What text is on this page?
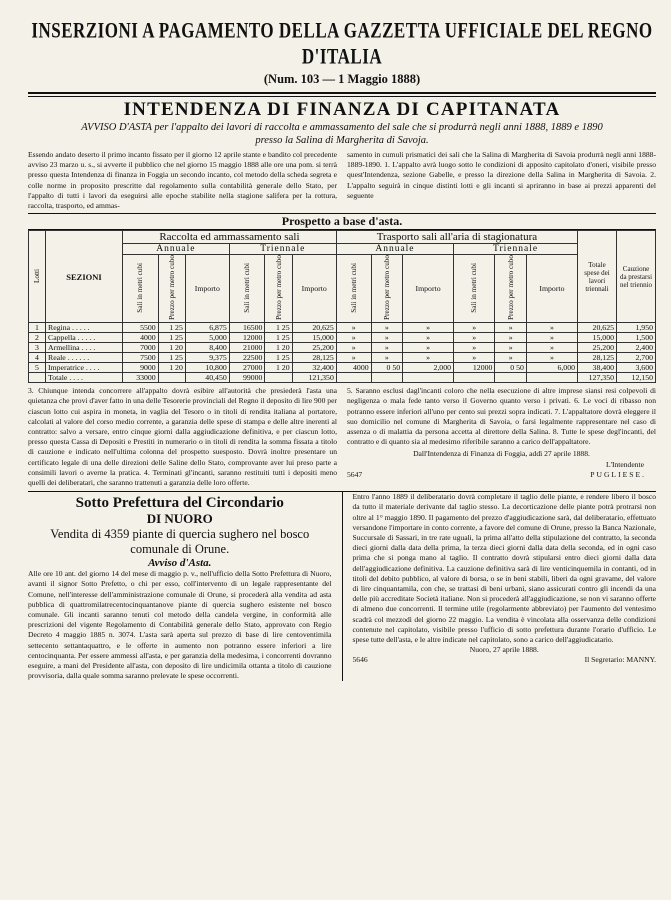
INSERZIONI A PAGAMENTO DELLA GAZZETTA UFFICIALE DEL REGNO D'ITALIA
(Num. 103 — 1 Maggio 1888)
INTENDENZA DI FINANZA DI CAPITANATA
AVVISO D'ASTA per l'appalto dei lavori di raccolta e ammassamento del sale che si produrrà negli anni 1888, 1889 e 1890
presso la Salina di Margherita di Savoja.
Essendo andato deserto il primo incanto fissato per il giorno 12 aprile stante e bandito col precedente avviso 23 marzo u. s., si avverte il pubblico che nel giorno 15 maggio 1888 alle ore una pom. si terrà presso questa Intendenza di finanza in Foggia un secondo incanto, col metodo della scheda segreta e colle norme in proposito prescritte dal regolamento sulla contabilità generale dello Stato, per l'appalto di tutti i lavori da eseguirsi alle epoche stabilite nella stagione salifera per la rottura, raccolta, trasporto, ed ammas-
samento in cumuli prismatici dei sali che la Salina di Margherita di Savoia produrrà negli anni 1888-1889-1890. 1. L'appalto avrà luogo sotto le condizioni di apposito capitolato d'oneri, visibile presso quest'Intendenza, sezione Gabelle, e presso la direzione della Salina in Margherita di Savoia. 2. L'appalto seguirà in cinque distinti lotti e gli incanti si apriranno in base ai prezzi apparenti del seguente
Prospetto a base d'asta.
Lotti	SEZIONI	Raccolta ed ammassamento sali						Trasporto sali all'aria di stagionatura						Totale spese dei lavori triennali	Cauzione da prestarsi nel triennio
		Annuale			Triennale			Annuale			Triennale				
		Sali in metri cubi	Prezzo per metro cubo	Importo	Sali in metri cubi	Prezzo per metro cubo	Importo	Sali in metri cubi	Prezzo per metro cubo	Importo	Sali in metri cubi	Prezzo per metro cubo	Importo		
1	Regina . . . . .	5500	1 25	6,875	16500	1 25	20,625	»	»	»	»	»	»	20,625	1,950
2	Cappella . . . . .	4000	1 25	5,000	12000	1 25	15,000	»	»	»	»	»	»	15,000	1,500
3	Armellina . . . .	7000	1 20	8,400	21000	1 20	25,200	»	»	»	»	»	»	25,200	2,400
4	Reale . . . . . .	7500	1 25	9,375	22500	1 25	28,125	»	»	»	»	»	»	28,125	2,700
5	Imperatrice . . . .	9000	1 20	10,800	27000	1 20	32,400	4000	0 50	2,000	12000	0 50	6,000	38,400	3,600
	Totale . . . .	33000		40,450	99000		121,350							127,350	12,150
3. Chiunque intenda concorrere all'appalto dovrà esibire all'autorità che presiederà l'asta una quietanza che provi d'aver fatto in una delle Tesorerie provinciali del Regno il deposito di lire 900 per ciascun lotto cui aspira in moneta, in vaglia del Tesoro o in titoli di rendita italiana al portatore, calcolati al valore del corso medio corrente, a garanzia delle spese di stampa e delle altre inerenti al contratto: salvo a versare, entro cinque giorni dalla aggiudicazione definitiva, e per ciascun lotto, presso questa Cassa di Depositi e Prestiti in numerario o in titoli di rendita la somma fissata a titolo di cauzione e indicato nell'ultima colonna del prospetto suesposto. Dovrà inoltre presentare un certificato legale di una delle direzioni delle Saline dello Stato, comprovante aver lui preso parte a consimili lavori o averne la pratica. 4. Terminati gl'incanti, saranno restituiti tutti i depositi meno quelli dei deliberatari, che saranno trattenuti a garanzia delle loro offerte.
5. Saranno esclusi dagl'incanti coloro che nella esecuzione di altre imprese siansi resi colpevoli di negligenza o mala fede tanto verso il Governo quanto verso i privati. 6. Le voci di ribasso non potranno essere inferiori all'uno per cento sui prezzi sopra indicati. 7. L'appaltatore dovrà eleggere il suo domicilio nel comune di Margherita di Savoia, o farsi legalmente rappresentare nel caso di assenza o di malattia da persona accetta al direttore della Salina. 8. Tutte le spese degl'incanti, del contratto e di quanto sia al medesimo riferibile saranno a carico dell'appaltatore.
Dall'Intendenza di Finanza di Foggia, addì 27 aprile 1888.
L'Intendente
5647	PUGLIESE.
Sotto Prefettura del Circondario
DI NUORO
Vendita di 4359 piante di quercia sughero nel bosco comunale di Orune.
Avviso d'Asta.
Alle ore 10 ant. del giorno 14 del mese di maggio p. v., nell'ufficio della Sotto Prefettura di Nuoro, avanti il signor Sotto Prefetto, o chi per esso, coll'intervento di un legale rappresentante del Comune, nell'interesse dell'amministrazione comunale di Orune, si procederà alla vendita ad asta pubblica di quattromilatrecentocinquantanove piante di quercia sughero esistente nel bosco comunale. Gli incanti saranno tenuti col metodo della candela vergine, in conformità alle prescrizioni del vigente Regolamento di Contabilità generale dello Stato, approvato con Regio Decreto 4 maggio 1885 n. 3074. L'asta sarà aperta sul prezzo di base di lire centoventimila settecento settantaquattro, e le offerte in aumento non potranno essere inferiori a lire centocinquanta. Per essere ammessi all'asta, e per garanzia della medesima, i concorrenti dovranno eseguire, a mani del Presidente all'asta, con deposito di lire undicimila ottanta a titolo di cauzione provvisoria, dalla quale somma saranno prelevate le spese occorrenti.
Entro l'anno 1889 il deliberatario dovrà completare il taglio delle piante, e rendere libero il bosco da tutto il materiale derivante dal taglio stesso. La decorticazione delle piante potrà protrarsi non oltre al 1° maggio 1890. Il pagamento del prezzo d'aggiudicazione sarà, dal deliberatario, effettuato versandone l'importare in conto corrente, a favore del comune di Orune, presso la Banca Nazionale, Succursale di Sassari, in tre rate uguali, la prima all'atto della stipulazione del contratto, la seconda dieci giorni dalla data della prima, la terza dieci giorni dalla data della seconda, ed in ogni caso prima che si ponga mano al taglio. Il contratto dovrà stipularsi entro dieci giorni dalla data dell'aggiudicazione definitiva. La cauzione definitiva sarà di lire venticinquemila in contanti, od in titoli del debito pubblico, al valore di borsa, o se in beni stabili, liberi da ogni gravame, del valore di lire cinquantamila, con che, se trattasi di beni urbani, siano assicurati contro gli incendi da una delle più accreditate Società italiane. Non si procederà all'aggiudicazione, se non vi saranno offerte di almeno due concorrenti. Il termine utile (regolarmente abbreviato) per l'aumento del ventesimo scadrà col mezzodì del giorno 22 maggio. La vendita è vincolata alla osservanza delle condizioni contenute nel capitolato, visibile presso l'ufficio di sotto prefettura durante l'orario d'ufficio. Le spese tutte dell'asta, e le altre indicate nel capitolato, sono a carico dell'aggiudicatario.
Nuoro, 27 aprile 1888.
5646	Il Segretario: MANNY.
